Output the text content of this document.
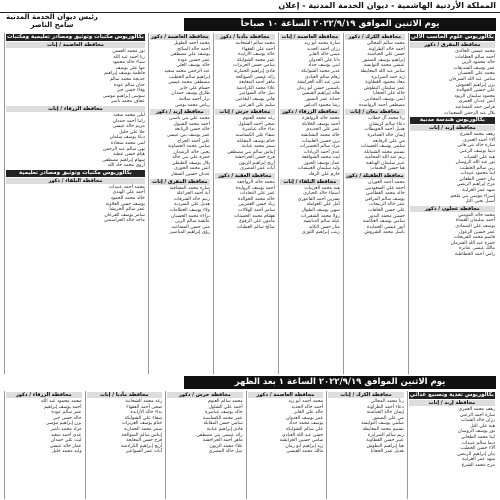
المملكة الأردنية الهاشمية - ديوان الخدمة المدنية - إعلان
رئيس ديوان الخدمة المدنية
سامح الناصر	يوم الاثنين الموافق ٢٠٢٢/٩/١٩ الساعة ١٠ صباحاً
بكالوريوس علوم الحاسب الآلي
محافظة المفرق / ذكور
محمد عيسى الخالدي
أحمد سالم العظامات
خالد محمود الزبن
عمر يوسف الشديفات
محمد علي الحسبان
سامي عبد الله السرحان
يزن إبراهيم العموش
علي حسين الخوالدة
محمود سليمان الزيود
أنس عدنان العمري
فراس حمد المساعيد
بلال عبد الرحمن السعيدات
بكالوريوس هندسة مدنية
محافظة إربد / إناث
رهف محمد الشرع
آلاء أحمد العمري
سارة خالد بني هاني
ديما يوسف الزعبي
هبة علي الشياب
نور عبد الله الروسان
ربى سالم الخطيب
لينا محمود عبيدات
بيان حسن الطعاني
مرح إبراهيم الربضي
شهد عمر الغرايبة
إسراء موسى بني ملحم
أسيل يحيى التل
محافظة عجلون / ذكور
محمد خالد المومني
أحمد سليمان القضاة
يوسف علي الصمادي
عمر حسين الزغول
قاسم محمد الفريحات
حمزة عبد الله الشرمان
مالك عيسى عنانزة
رامي أحمد الخطاطبة
محافظة الكرك / ذكور
محمد سالم المجالي
أحمد خالد الطراونة
حسن علي الحباشنة
إبراهيم يوسف الضمور
عيسى محمد النوايسة
سامر عبد الله المعايطة
زيد حمد الصرايرة
معاذ محمود القطاونة
عمر سليمان البطوش
خالد علي الحجايا
أيمن يوسف المحادين
مصطفى أحمد الرواشدة
محافظة معان / إناث
رنا محمد آل خطاب
دعاء سالم كريشان
هديل أحمد الحويطات
إيمان خالد العمامرة
مي علي الرفايعة
سلمى يوسف الحسنات
تسنيم محمد الشمايلة
ريم عبد الله المحاميد
عبير سليمان الهباهبة
هيا حسن النعيمات
محافظة الطفيلة / ذكور
محمد أحمد العوران
أحمد علي السعوديين
خالد محمد القطامين
يوسف سالم المرافي
عمر خالد الربيحات
علي حسن الخلفات
حسين محمد البدور
سامي يوسف العكاشة
أنور عيسى الحمايدة
باسل محمد الشروش
محافظة العاصمة / إناث
سارة محمد أبو زيد
رزان أحمد الحديد
ميس خالد الفايز
دانا علي العدوان
لبنى يوسف حداد
غدير محمد الشوابكة
رهام سالم العبادي
منى عبد الله الخرابشة
ياسمين حسن أبو رمان
هالة إبراهيم القيسي
جمانة عمر النسور
رشا محمود الدباس
محافظة الزرقاء / ذكور
محمد خالد الزواهرة
أحمد يوسف الخلايلة
عمر علي الحديدي
خالد محمد البشابشة
يزن حسين العليمات
مراد سالم الخضيرات
عدي أحمد الزيادات
ليث محمد الشواقفة
عمار يوسف الجبور
وليد سليمان العبيسات
حازم علي الرقاد
محافظة البلقاء / إناث
هبة محمد العربيات
أسماء خالد الحياري
نسرين أحمد الفاعوري
أمل علي العواملة
سهى يوسف الطوال
رولا محمد الشقيرات
عبلة سالم الدبابسة
منار حسن الكايد
زينب إبراهيم اللوزي
محافظة مأدبا / ذكور
محمد سالم الشخانبة
أحمد علي الفقهاء
خالد يوسف الأزايدة
عمر محمد الشوابكة
سامي حسن العزيزات
فادي إبراهيم الحمارنة
رائد عيسى الصوالحة
ماهر أحمد المعايعة
علاء محمد الكرادشة
نبيل خالد السواعير
هاني يوسف البقاعين
سليم علي الفرعين
محافظة جرش / إناث
رغد محمد العتوم
ضحى أحمد الشلول
نداء خالد عياصرة
صفاء علي الكساسبة
ختام يوسف المقابلة
سمر محمد عبابنة
إيناس سالم بني مصطفى
فرح حسن الحراحشة
أريج إبراهيم الزبون
آيات عمر المصري
محافظة العقبة / ذكور
محمد خالد الرواجفة
أحمد يوسف الزوايدة
عمر علي النجادات
خالد محمد الخوالدة
زياد حسن العمريين
سامر أحمد الهلالات
هشام محمد الحسنات
مأمون علي الرفوع
صالح سالم العطيات
محافظة العاصمة / ذكور
محمد أحمد الطويل
أحمد خالد الصالح
يوسف علي مصطفى
عمر حسين عودة
خالد يوسف العلي
عبد الرحمن محمد سعيد
إبراهيم سالم الخطيب
مصطفى محمد عيسى
حسام علي جابر
طارق يوسف حمدان
نزار أحمد سلامة
رياض محمد يونس
محافظة إربد / ذكور
محمد علي بني ياسين
أحمد محمد الشبول
خالد حسن الربابعة
عمر يوسف بني عيسى
علي أحمد الجراح
سامي محمد الخصاونة
يحيى خالد الرشدان
حمزة علي بني خالد
بلال يوسف الطيطي
أنس محمد الحوري
عدنان حسين السقار
محافظة المفرق / إناث
سارة محمد المشاقبة
آية أحمد الخزاعلة
رنيم خالد الشرفات
هديل علي السردية
ولاء يوسف العظامات
براءة محمد الحسبان
عائشة سالم الزبن
منى حسن المساعيد
رؤى إبراهيم المناصير
بكالوريوس مكتبات وتوثيق ومصادر تعليمية ومكتبات
محافظة العاصمة / إناث
نور محمد الحسن
رنا أحمد عبد الله
سناء خالد محمود
مها علي يوسف
فاطمة يوسف إبراهيم
خديجة محمد سالم
حنان سالم عودة
وفاء حسن جبر
سوسن إبراهيم موسى
عفاف محمد ناصر
محافظة الزرقاء / إناث
ليلى محمد سعيد
رانيا أحمد حمدان
مريم خالد عيسى
حلا علي خليل
ديانا يوسف سلمان
لمى محمد شحادة
نهى سالم عبد الرحمن
هيام حسن عطية
سهام إبراهيم مصطفى
أروى محمد جاد الله
بكالوريوس مكتبات وتوثيق ومصادر تعليمية
محافظة البلقاء / ذكور
محمد أحمد عبيدات
أحمد علي الهندي
خالد محمد الحمود
يوسف حسن العلاونة
عمر سالم الخريشا
سامر يوسف القرعان
ماجد خالد الحراسيس
يوم الاثنين الموافق ٢٠٢٢/٩/١٩ الساعة ١ بعد الظهر
بكالوريوس تغذية وتصنيع غذائي
محافظة إربد / إناث
رهف محمد العمري
سارة أحمد الزعبي
رزان خالد الشياب
هبة علي التل
نور يوسف الروسان
لينا محمد الطعاني
ديما سالم عبيدات
آلاء حسن الخطيب
بيان إبراهيم الربضي
شهد عمر الغرايبة
مرح محمد الشرع
محافظة الكرك / إناث
رنا محمد المجالي
دعاء أحمد الطراونة
إيمان خالد الحباشنة
مي علي الضمور
سلمى يوسف النوايسة
تسنيم محمد المعايطة
ريم سالم الصرايرة
عبير حسن القطاونة
هيا إبراهيم البطوش
هديل عمر الحجايا
محافظة العاصمة / ذكور
محمد أحمد أبو زيد
أحمد خالد الحديد
خالد علي الفايز
عمر يوسف العدوان
يوسف محمد حداد
علي سالم الشوابكة
حسن عبد الله العبادي
سامي حسين الخرابشة
زيد إبراهيم أبو رمان
مالك محمد القيسي
محافظة جرش / ذكور
محمد سالم العتوم
أحمد علي الشلول
خالد يوسف عياصرة
عمر محمد الكساسبة
سامي حسن المقابلة
فادي إبراهيم عبابنة
رائد عيسى بني مصطفى
ماهر أحمد الحراحشة
علاء محمد الزبون
نبيل خالد المصري
محافظة مأدبا / إناث
رغد محمد الشخانبة
ضحى أحمد الفقهاء
نداء خالد الأزايدة
صفاء علي الشوابكة
ختام يوسف العزيزات
سمر محمد الحمارنة
إيناس سالم الصوالحة
فرح حسن المعايعة
أريج إبراهيم الكرادشة
آيات عمر السواعير
محافظة الزرقاء / ذكور
محمد محمود عبد الله
أحمد يوسف إبراهيم
عمر سالم عودة
خالد حسن جبر
يزن إبراهيم موسى
مراد محمد ناصر
عدي أحمد سعيد
ليث علي حمدان
عمار خالد عيسى
وليد محمد خليل
